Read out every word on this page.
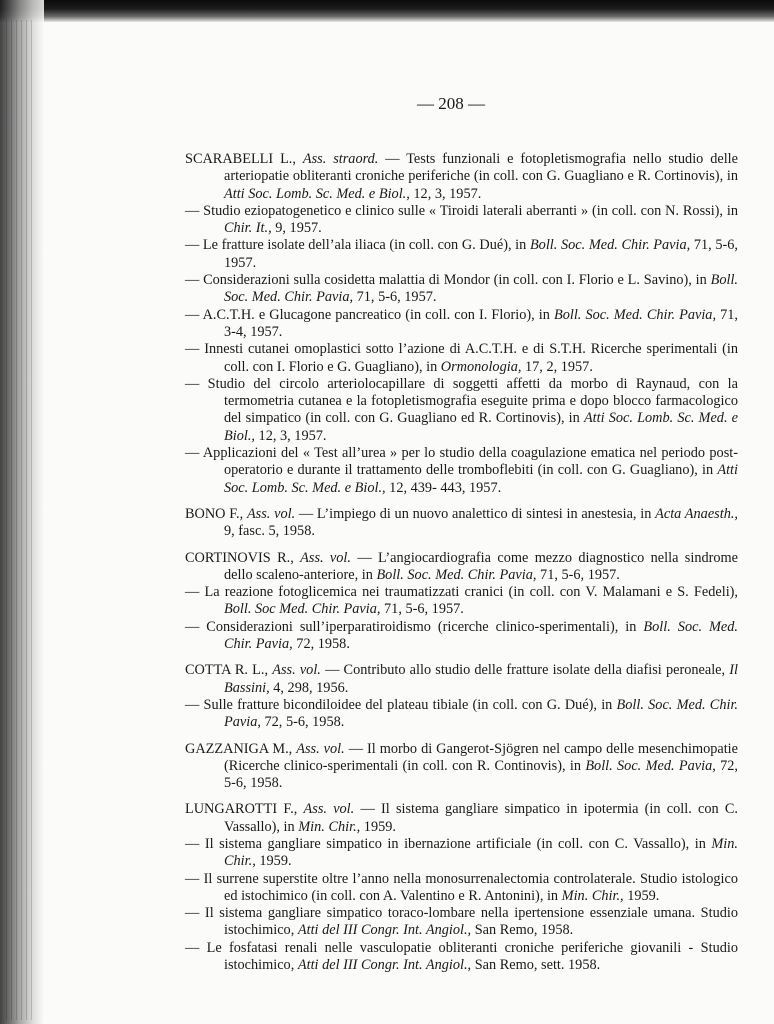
— 208 —
SCARABELLI L., Ass. straord. — Tests funzionali e fotopletismografia nello studio delle arteriopatie obliteranti croniche periferiche (in coll. con G. Guagliano e R. Cortinovis), in Atti Soc. Lomb. Sc. Med. e Biol., 12, 3, 1957.
— Studio eziopatogenetico e clinico sulle « Tiroidi laterali aberranti » (in coll. con N. Rossi), in Chir. It., 9, 1957.
— Le fratture isolate dell’ala iliaca (in coll. con G. Dué), in Boll. Soc. Med. Chir. Pavia, 71, 5-6, 1957.
— Considerazioni sulla cosidetta malattia di Mondor (in coll. con I. Florio e L. Savino), in Boll. Soc. Med. Chir. Pavia, 71, 5-6, 1957.
— A.C.T.H. e Glucagone pancreatico (in coll. con I. Florio), in Boll. Soc. Med. Chir. Pavia, 71, 3-4, 1957.
— Innesti cutanei omoplastici sotto l’azione di A.C.T.H. e di S.T.H. Ricerche sperimentali (in coll. con I. Florio e G. Guagliano), in Ormonologia, 17, 2, 1957.
— Studio del circolo arteriolocapillare di soggetti affetti da morbo di Raynaud, con la termometria cutanea e la fotopletismografia eseguite prima e dopo blocco farmacologico del simpatico (in coll. con G. Guagliano ed R. Cortinovis), in Atti Soc. Lomb. Sc. Med. e Biol., 12, 3, 1957.
— Applicazioni del « Test all’urea » per lo studio della coagulazione ematica nel periodo post-operatorio e durante il trattamento delle tromboflebiti (in coll. con G. Guagliano), in Atti Soc. Lomb. Sc. Med. e Biol., 12, 439- 443, 1957.
BONO F., Ass. vol. — L’impiego di un nuovo analettico di sintesi in anestesia, in Acta Anaesth., 9, fasc. 5, 1958.
CORTINOVIS R., Ass. vol. — L’angiocardiografia come mezzo diagnostico nella sindrome dello scaleno-anteriore, in Boll. Soc. Med. Chir. Pavia, 71, 5-6, 1957.
— La reazione fotoglicemica nei traumatizzati cranici (in coll. con V. Malamani e S. Fedeli), Boll. Soc Med. Chir. Pavia, 71, 5-6, 1957.
— Considerazioni sull’iperparatiroidismo (ricerche clinico-sperimentali), in Boll. Soc. Med. Chir. Pavia, 72, 1958.
COTTA R. L., Ass. vol. — Contributo allo studio delle fratture isolate della diafisi peroneale, Il Bassini, 4, 298, 1956.
— Sulle fratture bicondiloidee del plateau tibiale (in coll. con G. Dué), in Boll. Soc. Med. Chir. Pavia, 72, 5-6, 1958.
GAZZANIGA M., Ass. vol. — Il morbo di Gangerot-Sjögren nel campo delle mesenchimopatie (Ricerche clinico-sperimentali (in coll. con R. Continovis), in Boll. Soc. Med. Pavia, 72, 5-6, 1958.
LUNGAROTTI F., Ass. vol. — Il sistema gangliare simpatico in ipotermia (in coll. con C. Vassallo), in Min. Chir., 1959.
— Il sistema gangliare simpatico in ibernazione artificiale (in coll. con C. Vassallo), in Min. Chir., 1959.
— Il surrene superstite oltre l’anno nella monosurrenalectomia controlaterale. Studio istologico ed istochimico (in coll. con A. Valentino e R. Antonini), in Min. Chir., 1959.
— Il sistema gangliare simpatico toraco-lombare nella ipertensione essenziale umana. Studio istochimico, Atti del III Congr. Int. Angiol., San Remo, 1958.
— Le fosfatasi renali nelle vasculopatie obliteranti croniche periferiche giovanili - Studio istochimico, Atti del III Congr. Int. Angiol., San Remo, sett. 1958.
